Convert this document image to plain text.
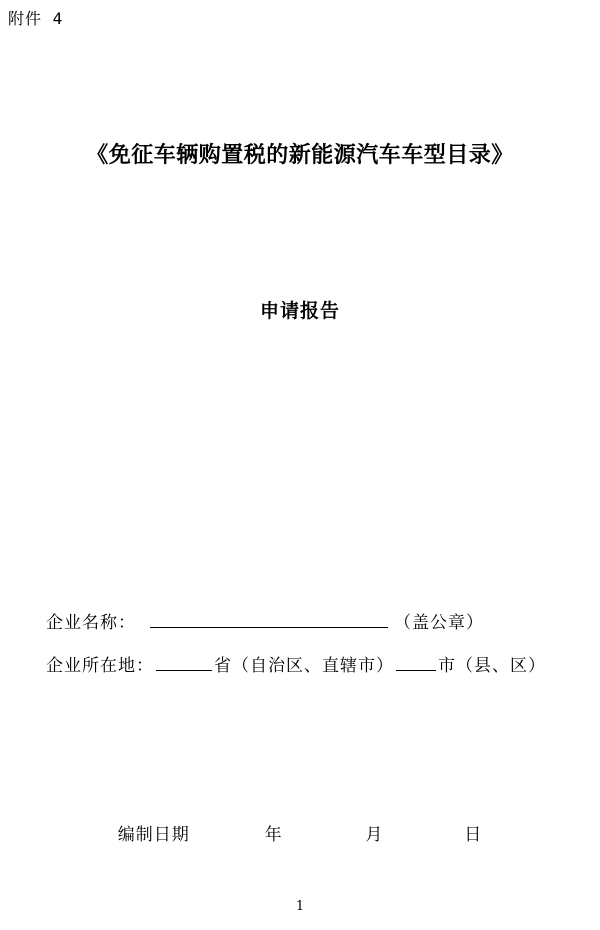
附件 4
《免征车辆购置税的新能源汽车车型目录》
申请报告
企业名称：	（盖公章）
企业所在地：	省（自治区、直辖市）	市（县、区）
编制日期	年	月	日
1
